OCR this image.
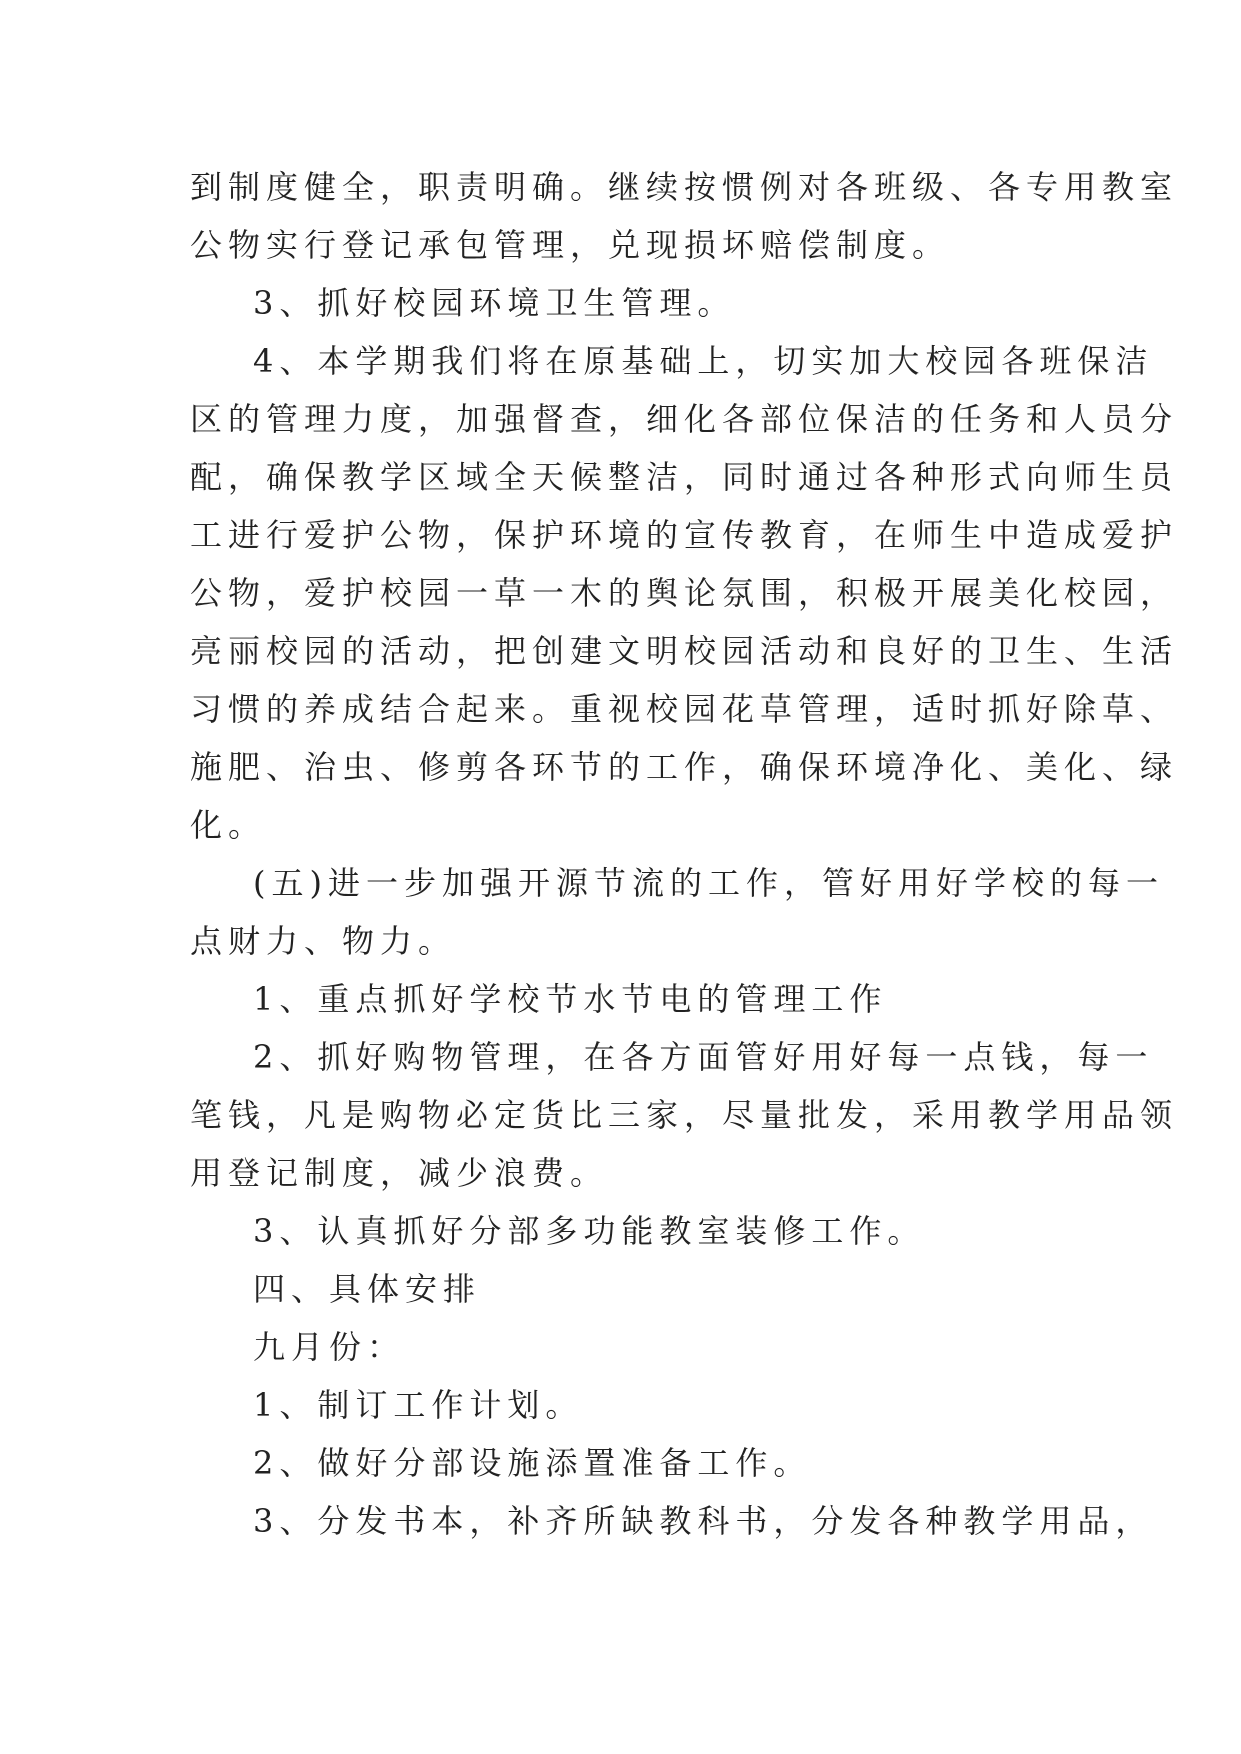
到制度健全，职责明确。继续按惯例对各班级、各专用教室
公物实行登记承包管理，兑现损坏赔偿制度。
3、抓好校园环境卫生管理。
4、本学期我们将在原基础上，切实加大校园各班保洁
区的管理力度，加强督查，细化各部位保洁的任务和人员分
配，确保教学区域全天候整洁，同时通过各种形式向师生员
工进行爱护公物，保护环境的宣传教育，在师生中造成爱护
公物，爱护校园一草一木的舆论氛围，积极开展美化校园，
亮丽校园的活动，把创建文明校园活动和良好的卫生、生活
习惯的养成结合起来。重视校园花草管理，适时抓好除草、
施肥、治虫、修剪各环节的工作，确保环境净化、美化、绿
化。
(五)进一步加强开源节流的工作，管好用好学校的每一
点财力、物力。
1、重点抓好学校节水节电的管理工作
2、抓好购物管理，在各方面管好用好每一点钱，每一
笔钱，凡是购物必定货比三家，尽量批发，采用教学用品领
用登记制度，减少浪费。
3、认真抓好分部多功能教室装修工作。
四、具体安排
九月份：
1、制订工作计划。
2、做好分部设施添置准备工作。
3、分发书本，补齐所缺教科书，分发各种教学用品，
